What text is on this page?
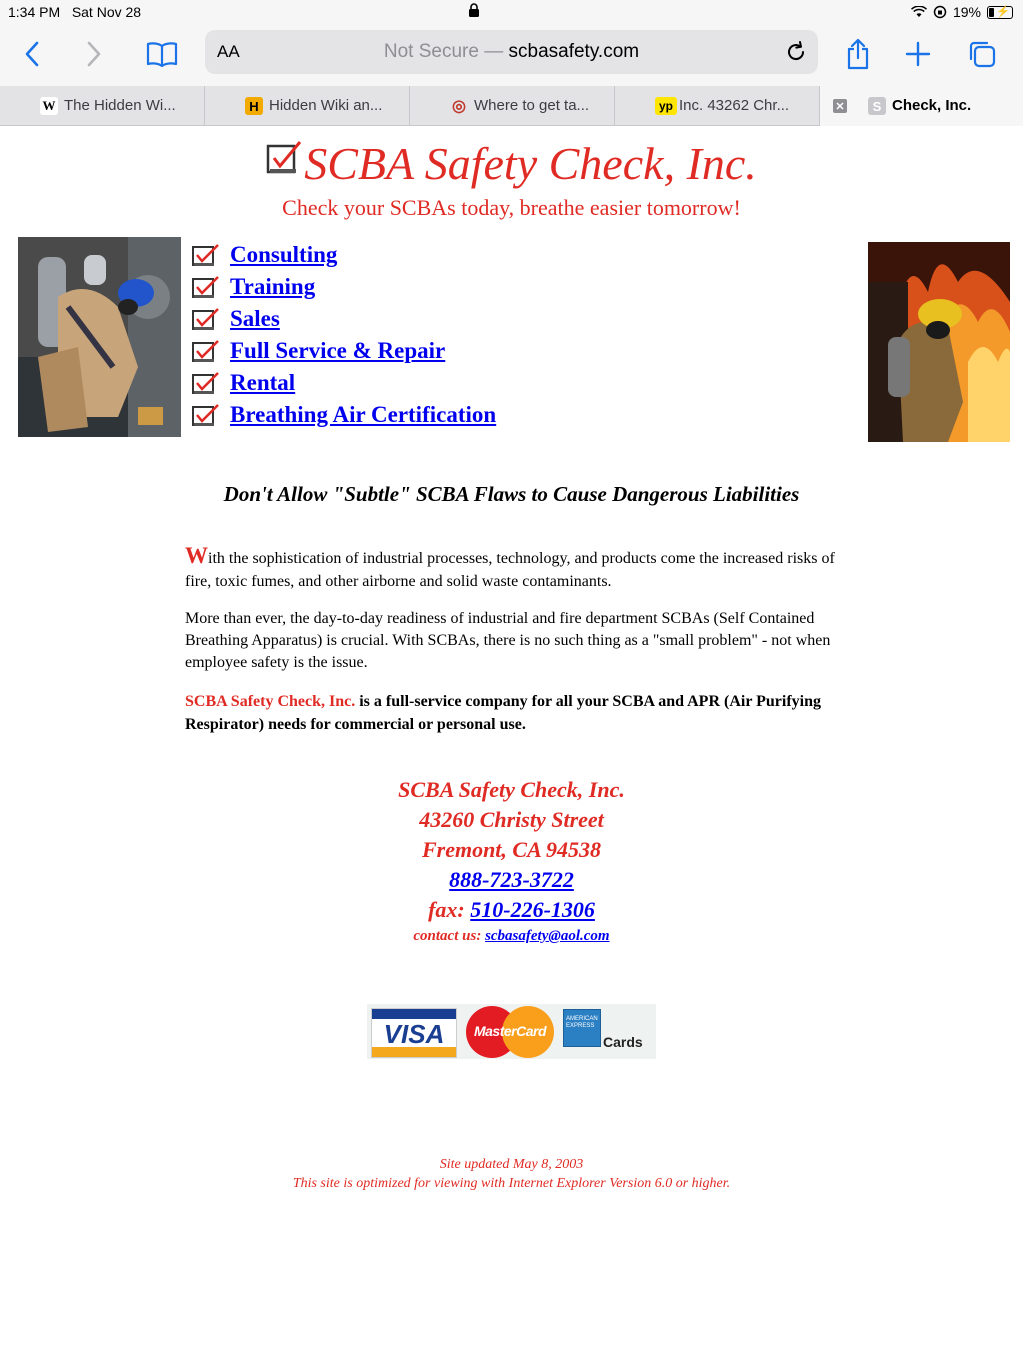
1:34 PM Sat Nov 28	19% ⚡
AA	Not Secure — scbasafety.com
W The Hidden Wi...	H Hidden Wiki an...	◎ Where to get ta...	yp Inc. 43262 Chr...	✕	S Check, Inc.
SCBA Safety Check, Inc.
Check your SCBAs today, breathe easier tomorrow!
Consulting
Training
Sales
Full Service & Repair
Rental
Breathing Air Certification
Don't Allow "Subtle" SCBA Flaws to Cause Dangerous Liabilities
With the sophistication of industrial processes, technology, and products come the increased risks of fire, toxic fumes, and other airborne and solid waste contaminants.
More than ever, the day-to-day readiness of industrial and fire department SCBAs (Self Contained Breathing Apparatus) is crucial. With SCBAs, there is no such thing as a "small problem" - not when employee safety is the issue.
SCBA Safety Check, Inc. is a full-service company for all your SCBA and APR (Air Purifying Respirator) needs for commercial or personal use.
SCBA Safety Check, Inc.
43260 Christy Street
Fremont, CA 94538
888-723-3722
fax: 510-226-1306
contact us: scbasafety@aol.com
VISA	MasterCard
AMERICAN EXPRESS
Cards
Site updated May 8, 2003
This site is optimized for viewing with Internet Explorer Version 6.0 or higher.
